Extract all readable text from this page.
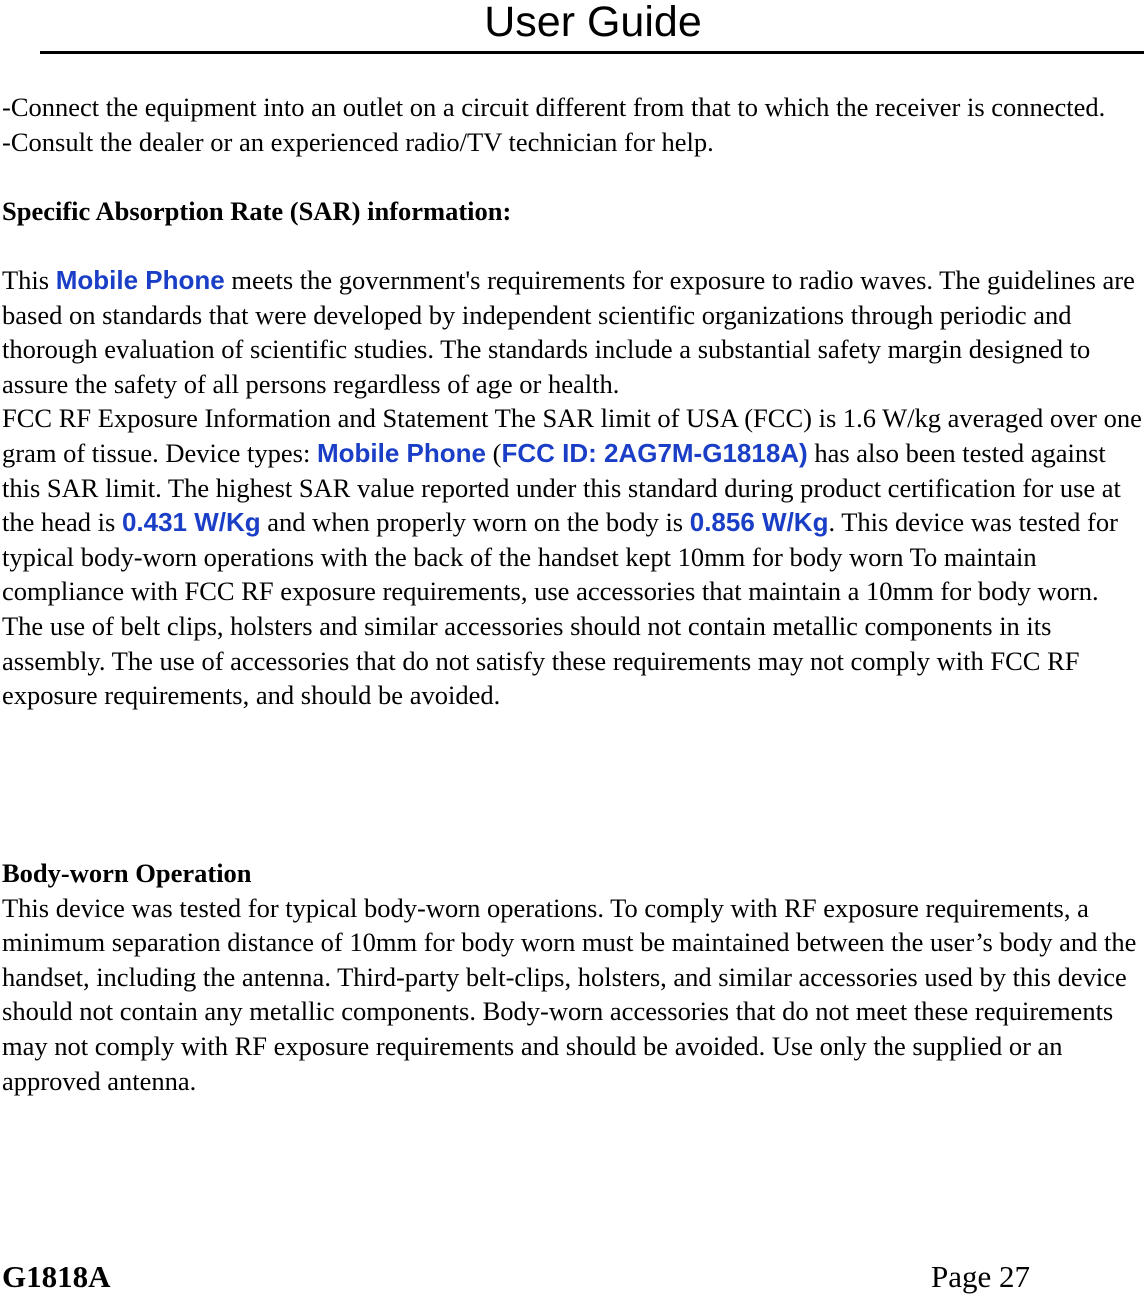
User Guide

-Connect the equipment into an outlet on a circuit different from that to which the receiver is connected.

-Consult the dealer or an experienced radio/TV technician for help.

Specific Absorption Rate (SAR) information:

This Mobile Phone meets the government's requirements for exposure to radio waves. The guidelines are based on standards that were developed by independent scientific organizations through periodic and thorough evaluation of scientific studies. The standards include a substantial safety margin designed to assure the safety of all persons regardless of age or health.

FCC RF Exposure Information and Statement The SAR limit of USA (FCC) is 1.6 W/kg averaged over one gram of tissue. Device types: Mobile Phone (FCC ID: 2AG7M-G1818A) has also been tested against this SAR limit. The highest SAR value reported under this standard during product certification for use at the head is 0.431 W/Kg and when properly worn on the body is 0.856 W/Kg. This device was tested for typical body-worn operations with the back of the handset kept 10mm for body worn To maintain compliance with FCC RF exposure requirements, use accessories that maintain a 10mm for body worn. The use of belt clips, holsters and similar accessories should not contain metallic components in its assembly. The use of accessories that do not satisfy these requirements may not comply with FCC RF exposure requirements, and should be avoided.

Body-worn Operation

This device was tested for typical body-worn operations. To comply with RF exposure requirements, a minimum separation distance of 10mm for body worn must be maintained between the user’s body and the handset, including the antenna. Third-party belt-clips, holsters, and similar accessories used by this device should not contain any metallic components. Body-worn accessories that do not meet these requirements may not comply with RF exposure requirements and should be avoided. Use only the supplied or an approved antenna.

G1818A	Page 27
